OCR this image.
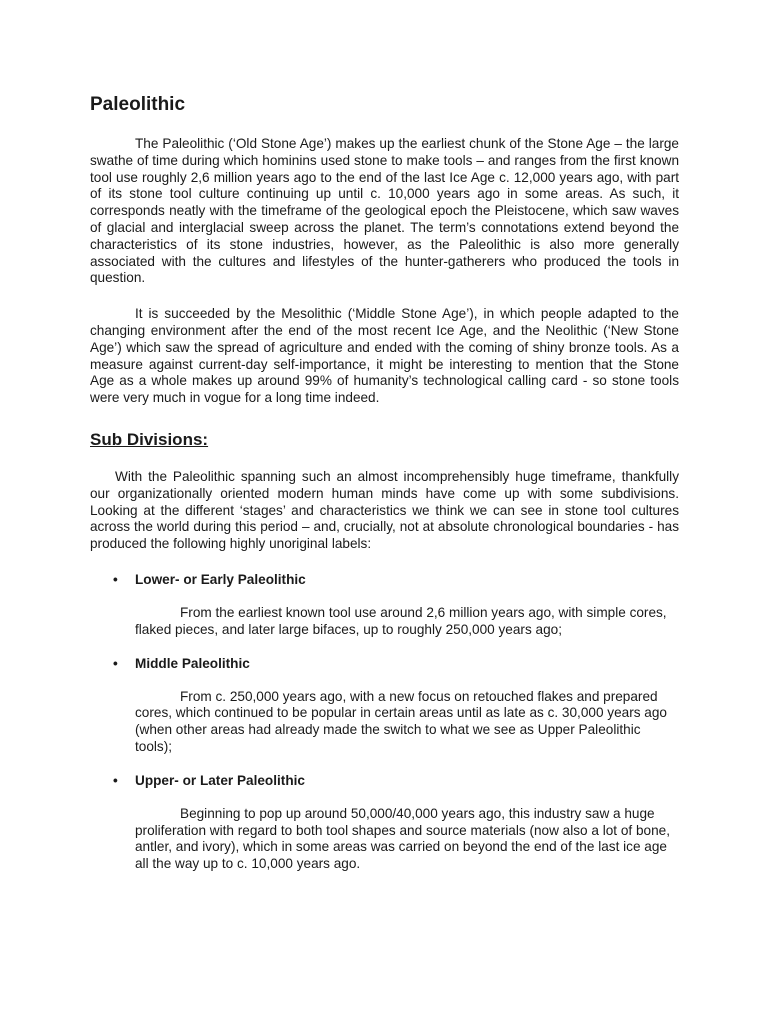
Paleolithic

The Paleolithic (‘Old Stone Age’) makes up the earliest chunk of the Stone Age – the large swathe of time during which hominins used stone to make tools – and ranges from the first known tool use roughly 2,6 million years ago to the end of the last Ice Age c. 12,000 years ago, with part of its stone tool culture continuing up until c. 10,000 years ago in some areas. As such, it corresponds neatly with the timeframe of the geological epoch the Pleistocene, which saw waves of glacial and interglacial sweep across the planet. The term’s connotations extend beyond the characteristics of its stone industries, however, as the Paleolithic is also more generally associated with the cultures and lifestyles of the hunter-gatherers who produced the tools in question.

It is succeeded by the Mesolithic (‘Middle Stone Age’), in which people adapted to the changing environment after the end of the most recent Ice Age, and the Neolithic (‘New Stone Age’) which saw the spread of agriculture and ended with the coming of shiny bronze tools. As a measure against current-day self-importance, it might be interesting to mention that the Stone Age as a whole makes up around 99% of humanity’s technological calling card - so stone tools were very much in vogue for a long time indeed.

Sub Divisions:

With the Paleolithic spanning such an almost incomprehensibly huge timeframe, thankfully our organizationally oriented modern human minds have come up with some subdivisions. Looking at the different ‘stages’ and characteristics we think we can see in stone tool cultures across the world during this period – and, crucially, not at absolute chronological boundaries - has produced the following highly unoriginal labels:

• Lower- or Early Paleolithic
From the earliest known tool use around 2,6 million years ago, with simple cores, flaked pieces, and later large bifaces, up to roughly 250,000 years ago;
• Middle Paleolithic
From c. 250,000 years ago, with a new focus on retouched flakes and prepared cores, which continued to be popular in certain areas until as late as c. 30,000 years ago (when other areas had already made the switch to what we see as Upper Paleolithic tools);
• Upper- or Later Paleolithic
Beginning to pop up around 50,000/40,000 years ago, this industry saw a huge proliferation with regard to both tool shapes and source materials (now also a lot of bone, antler, and ivory), which in some areas was carried on beyond the end of the last ice age all the way up to c. 10,000 years ago.
